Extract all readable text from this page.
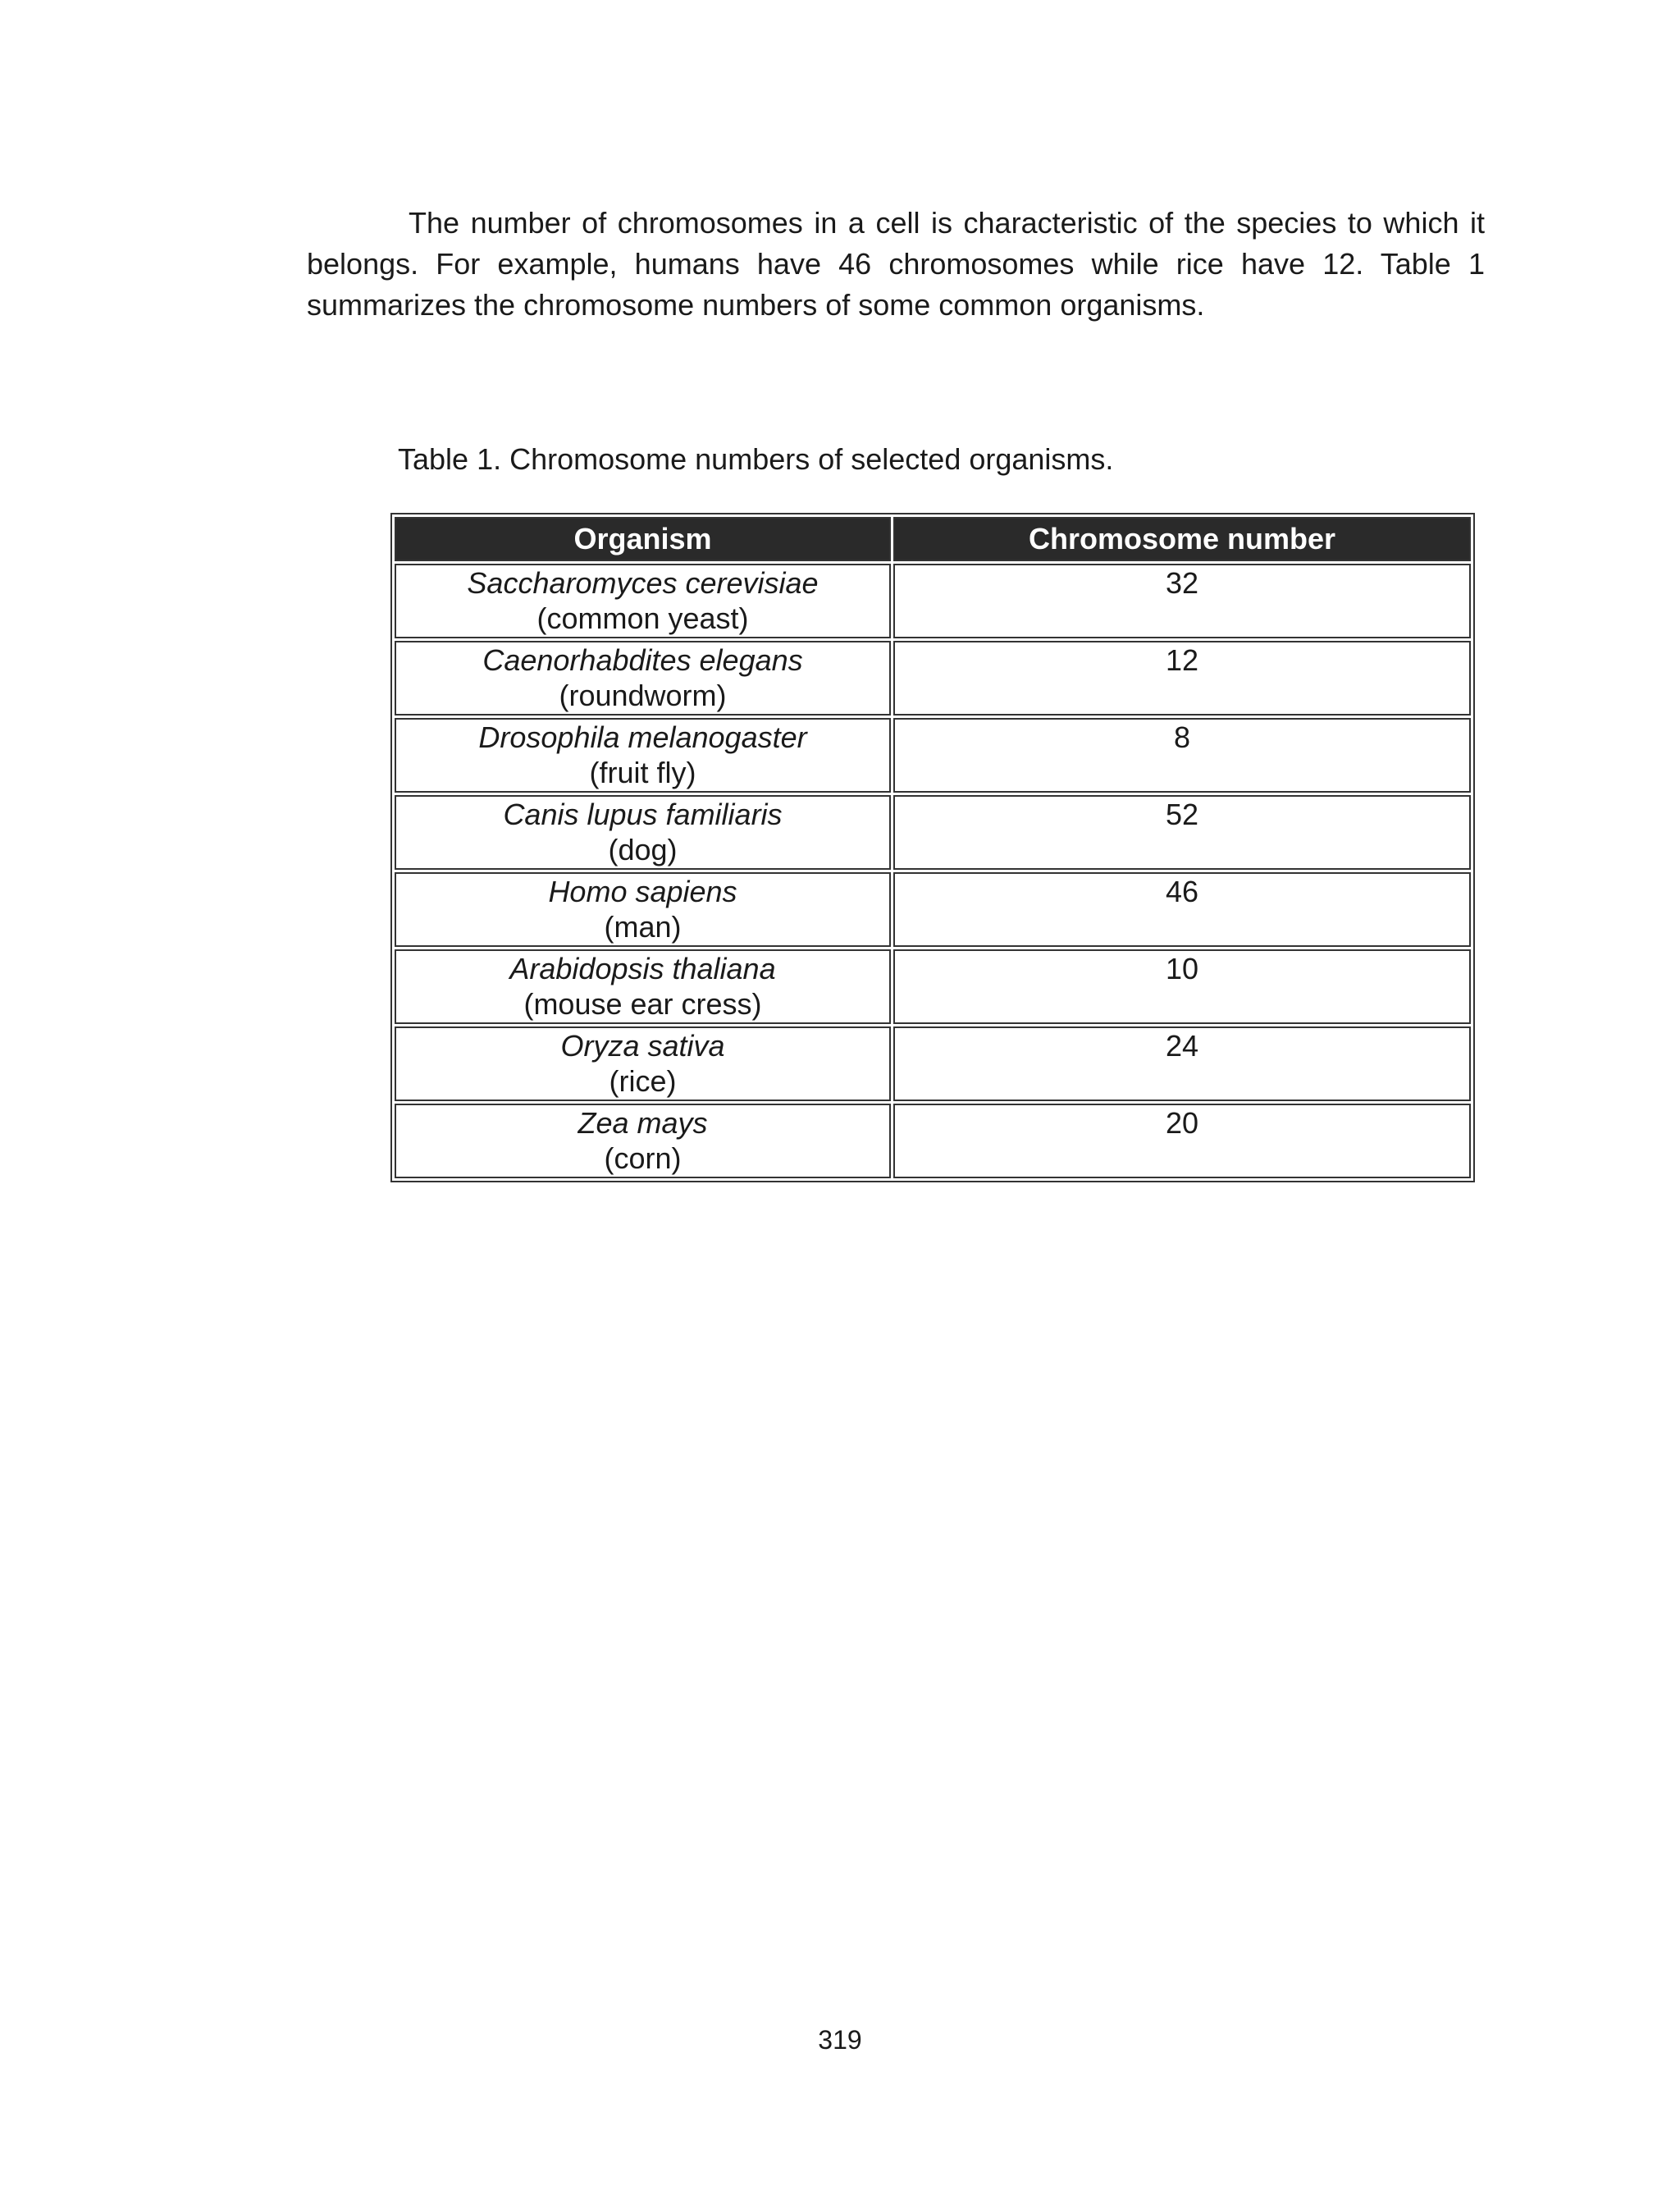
The number of chromosomes in a cell is characteristic of the species to which it belongs. For example, humans have 46 chromosomes while rice have 12. Table 1 summarizes the chromosome numbers of some common organisms.

Table 1. Chromosome numbers of selected organisms.

Organism	Chromosome number

Saccharomyces cerevisiae
(common yeast)	32

Caenorhabdites elegans
(roundworm)	12

Drosophila melanogaster
(fruit fly)	8

Canis lupus familiaris
(dog)	52

Homo sapiens
(man)	46

Arabidopsis thaliana
(mouse ear cress)	10

Oryza sativa
(rice)	24

Zea mays
(corn)	20

319
